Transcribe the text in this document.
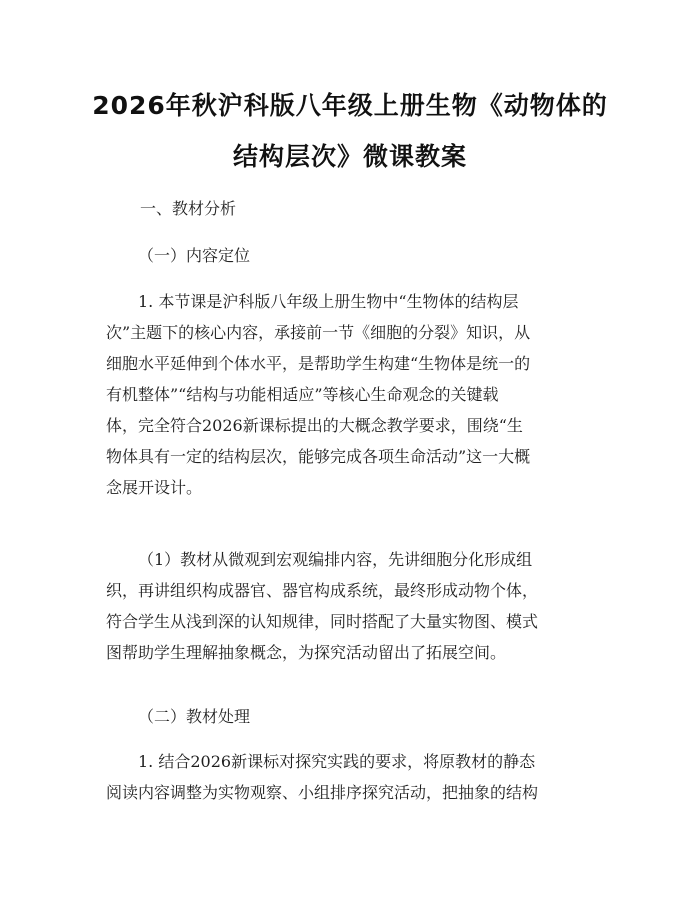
2026年秋沪科版八年级上册生物《动物体的
结构层次》微课教案
一、教材分析
（一）内容定位
1. 本节课是沪科版八年级上册生物中“生物体的结构层
次”主题下的核心内容，承接前一节《细胞的分裂》知识，从
细胞水平延伸到个体水平，是帮助学生构建“生物体是统一的
有机整体”“结构与功能相适应”等核心生命观念的关键载
体，完全符合2026新课标提出的大概念教学要求，围绕“生
物体具有一定的结构层次，能够完成各项生命活动”这一大概
念展开设计。
（1）教材从微观到宏观编排内容，先讲细胞分化形成组
织，再讲组织构成器官、器官构成系统，最终形成动物个体，
符合学生从浅到深的认知规律，同时搭配了大量实物图、模式
图帮助学生理解抽象概念，为探究活动留出了拓展空间。
（二）教材处理
1. 结合2026新课标对探究实践的要求，将原教材的静态
阅读内容调整为实物观察、小组排序探究活动，把抽象的结构
